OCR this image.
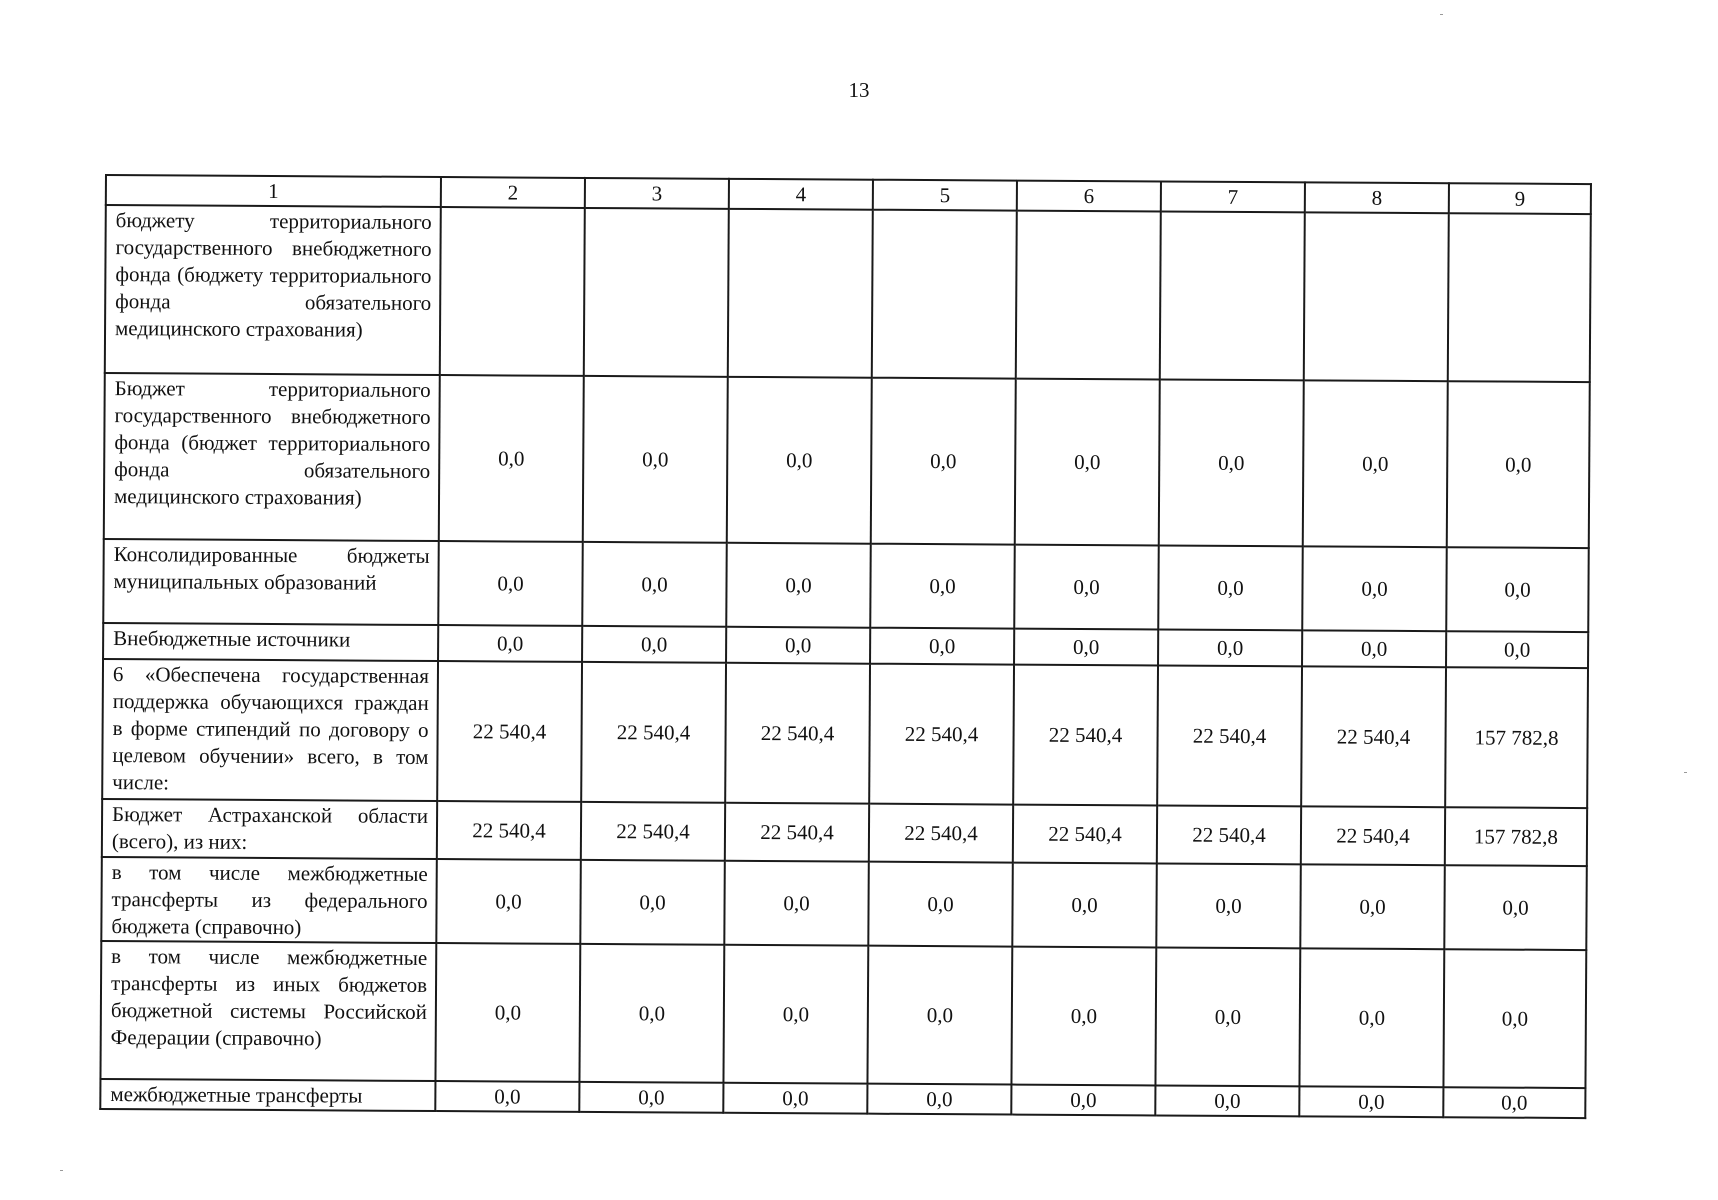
13
1	2	3	4	5	6	7	8	9
бюджету территориального государственного внебюджетного фонда (бюджету территориального фонда обязательного медицинского страхования)								
Бюджет территориального государственного внебюджетного фонда (бюджет территориального фонда обязательного медицинского страхования)	0,0	0,0	0,0	0,0	0,0	0,0	0,0	0,0
Консолидированные бюджеты муниципальных образований	0,0	0,0	0,0	0,0	0,0	0,0	0,0	0,0
Внебюджетные источники	0,0	0,0	0,0	0,0	0,0	0,0	0,0	0,0
6 «Обеспечена государственная поддержка обучающихся граждан в форме стипендий по договору о целевом обучении» всего, в том числе:	22 540,4	22 540,4	22 540,4	22 540,4	22 540,4	22 540,4	22 540,4	157 782,8
Бюджет Астраханской области (всего), из них:	22 540,4	22 540,4	22 540,4	22 540,4	22 540,4	22 540,4	22 540,4	157 782,8
в том числе межбюджетные трансферты из федерального бюджета (справочно)	0,0	0,0	0,0	0,0	0,0	0,0	0,0	0,0
в том числе межбюджетные трансферты из иных бюджетов бюджетной системы Российской Федерации (справочно)	0,0	0,0	0,0	0,0	0,0	0,0	0,0	0,0
межбюджетные трансферты	0,0	0,0	0,0	0,0	0,0	0,0	0,0	0,0
